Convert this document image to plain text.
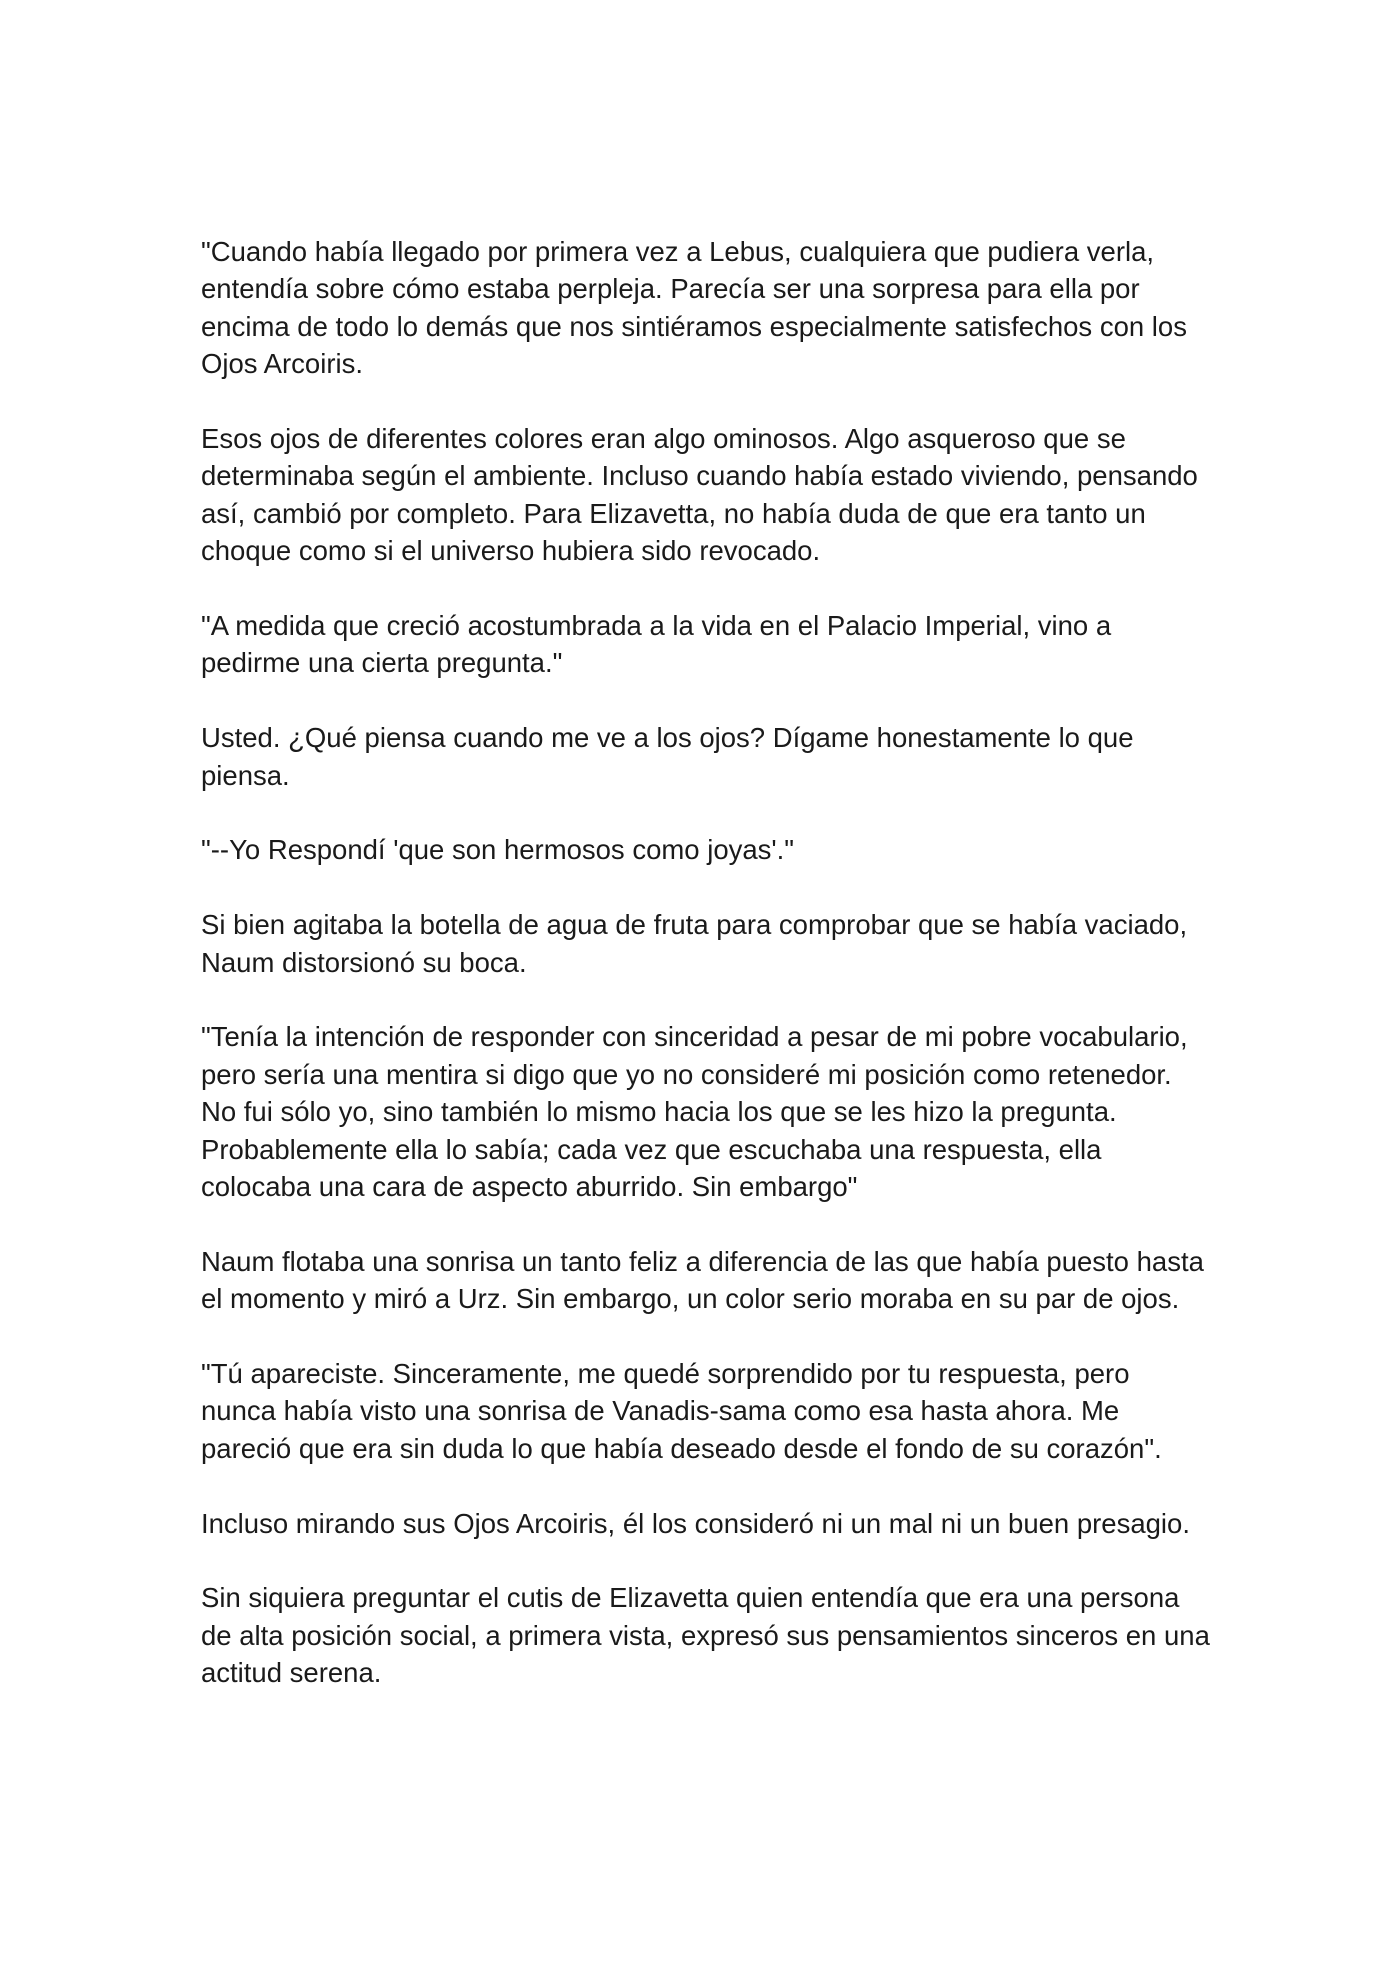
"Cuando había llegado por primera vez a Lebus, cualquiera que pudiera verla, entendía sobre cómo estaba perpleja. Parecía ser una sorpresa para ella por encima de todo lo demás que nos sintiéramos especialmente satisfechos con los Ojos Arcoiris.

Esos ojos de diferentes colores eran algo ominosos. Algo asqueroso que se determinaba según el ambiente. Incluso cuando había estado viviendo, pensando así, cambió por completo. Para Elizavetta, no había duda de que era tanto un choque como si el universo hubiera sido revocado.

"A medida que creció acostumbrada a la vida en el Palacio Imperial, vino a pedirme una cierta pregunta."

Usted. ¿Qué piensa cuando me ve a los ojos? Dígame honestamente lo que piensa.

"--Yo Respondí 'que son hermosos como joyas'."

Si bien agitaba la botella de agua de fruta para comprobar que se había vaciado, Naum distorsionó su boca.

"Tenía la intención de responder con sinceridad a pesar de mi pobre vocabulario, pero sería una mentira si digo que yo no consideré mi posición como retenedor. No fui sólo yo, sino también lo mismo hacia los que se les hizo la pregunta. Probablemente ella lo sabía; cada vez que escuchaba una respuesta, ella colocaba una cara de aspecto aburrido. Sin embargo"

Naum flotaba una sonrisa un tanto feliz a diferencia de las que había puesto hasta el momento y miró a Urz. Sin embargo, un color serio moraba en su par de ojos.

"Tú apareciste. Sinceramente, me quedé sorprendido por tu respuesta, pero nunca había visto una sonrisa de Vanadis-sama como esa hasta ahora. Me pareció que era sin duda lo que había deseado desde el fondo de su corazón".

Incluso mirando sus Ojos Arcoiris, él los consideró ni un mal ni un buen presagio.

Sin siquiera preguntar el cutis de Elizavetta quien entendía que era una persona de alta posición social, a primera vista, expresó sus pensamientos sinceros en una actitud serena.
